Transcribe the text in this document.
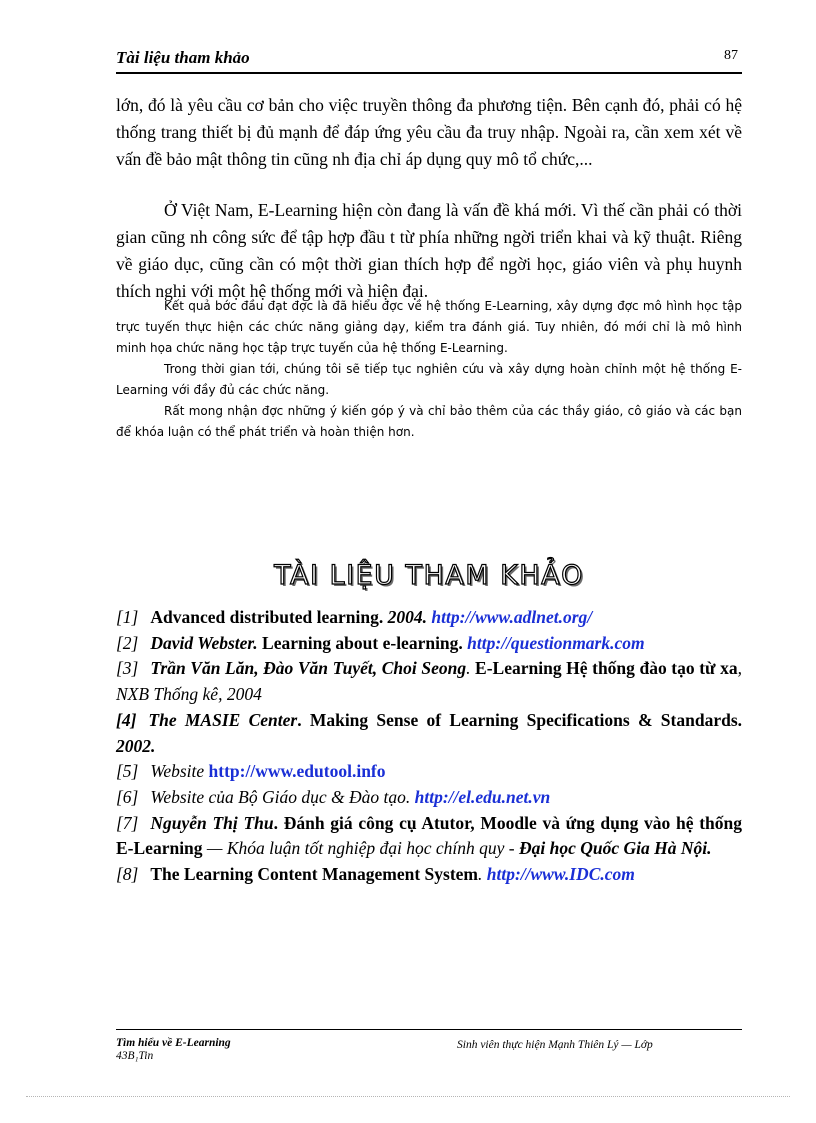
Tài liệu tham khảo	87

lớn, đó là yêu cầu cơ bản cho việc truyền thông đa phương tiện. Bên cạnh đó, phải có hệ thống trang thiết bị đủ mạnh để đáp ứng yêu cầu đa truy nhập. Ngoài ra, cần xem xét về vấn đề bảo mật thông tin cũng nh địa chỉ áp dụng quy mô tổ chức,...

Ở Việt Nam, E-Learning hiện còn đang là vấn đề khá mới. Vì thế cần phải có thời gian cũng nh công sức để tập hợp đầu t từ phía những ngời triển khai và kỹ thuật. Riêng về giáo dục, cũng cần có một thời gian thích hợp để ngời học, giáo viên và phụ huynh thích nghi với một hệ thống mới và hiện đại.

Kết quả bớc đầu đạt đợc là đã hiểu đợc về hệ thống E-Learning, xây dựng đợc mô hình học tập trực tuyến thực hiện các chức năng giảng dạy, kiểm tra đánh giá. Tuy nhiên, đó mới chỉ là mô hình minh họa chức năng học tập trực tuyến của hệ thống E-Learning.

Trong thời gian tới, chúng tôi sẽ tiếp tục nghiên cứu và xây dựng hoàn chỉnh một hệ thống E-Learning với đầy đủ các chức năng.

Rất mong nhận đợc những ý kiến góp ý và chỉ bảo thêm của các thầy giáo, cô giáo và các bạn để khóa luận có thể phát triển và hoàn thiện hơn.

TÀI LIỆU THAM KHẢO

[1] Advanced distributed learning. 2004. http://www.adlnet.org/

[2] David Webster. Learning about e-learning. http://questionmark.com

[3] Trần Văn Lăn, Đào Văn Tuyết, Choi Seong. E-Learning Hệ thống đào tạo từ xa, NXB Thống kê, 2004

[4] The MASIE Center. Making Sense of Learning Specifications & Standards. 2002.

[5] Website http://www.edutool.info

[6] Website của Bộ Giáo dục & Đào tạo. http://el.edu.net.vn

[7] Nguyễn Thị Thu. Đánh giá công cụ Atutor, Moodle và ứng dụng vào hệ thống E-Learning — Khóa luận tốt nghiệp đại học chính quy - Đại học Quốc Gia Hà Nội.

[8] The Learning Content Management System. http://www.IDC.com

Tìm hiểu về E-Learning
43B₁Tin
Sinh viên thực hiện Mạnh Thiên Lý — Lớp
